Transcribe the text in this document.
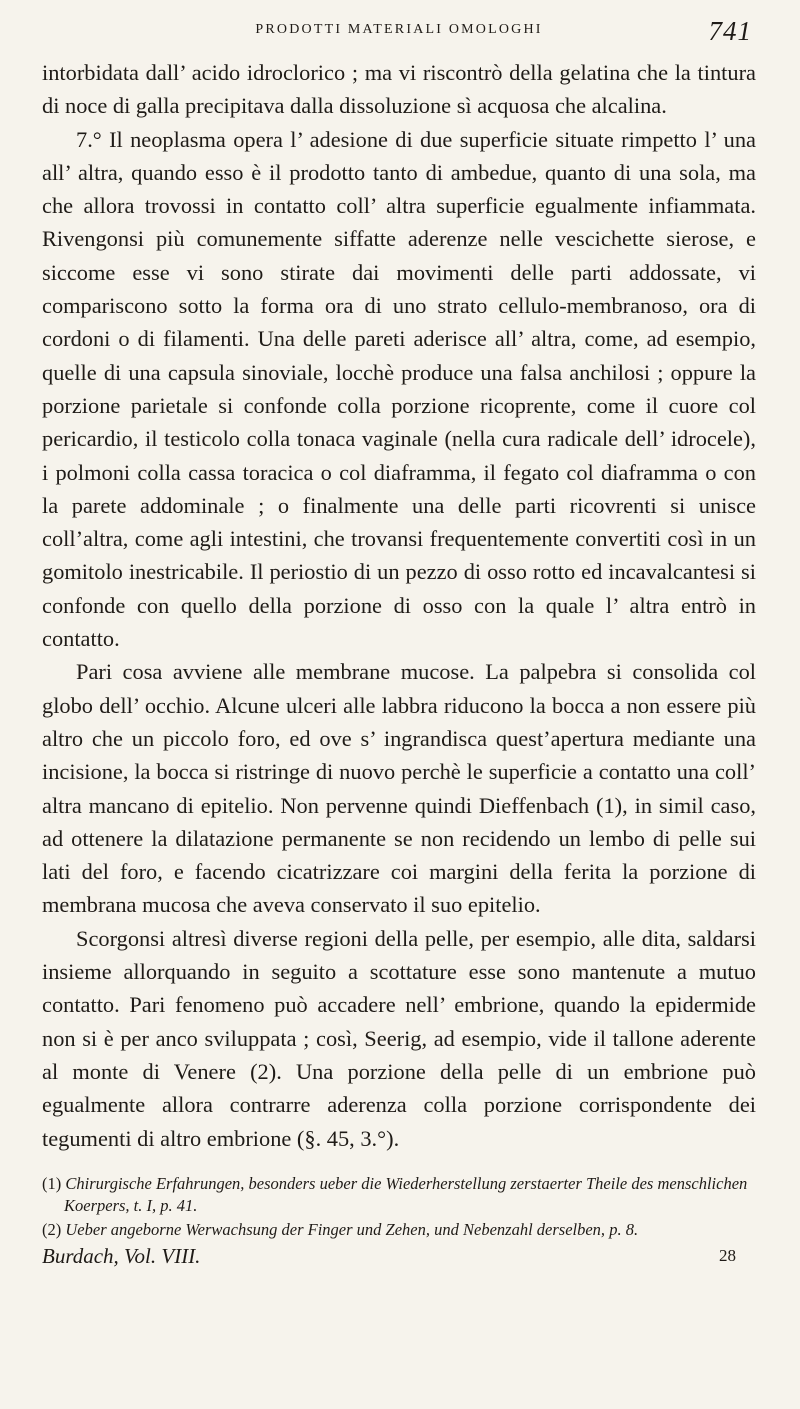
PRODOTTI MATERIALI OMOLOGHI	741

intorbidata dall’ acido idroclorico ; ma vi riscontrò della gelatina che la tintura di noce di galla precipitava dalla dissoluzione sì acquosa che alcalina.

7.° Il neoplasma opera l’ adesione di due superficie situate rimpetto l’ una all’ altra, quando esso è il prodotto tanto di ambedue, quanto di una sola, ma che allora trovossi in contatto coll’ altra superficie egualmente infiammata. Rivengonsi più comunemente siffatte aderenze nelle vescichette sierose, e siccome esse vi sono stirate dai movimenti delle parti addossate, vi compariscono sotto la forma ora di uno strato cellulo-membranoso, ora di cordoni o di filamenti. Una delle pareti aderisce all’ altra, come, ad esempio, quelle di una capsula sinoviale, locchè produce una falsa anchilosi ; oppure la porzione parietale si confonde colla porzione ricoprente, come il cuore col pericardio, il testicolo colla tonaca vaginale (nella cura radicale dell’ idrocele), i polmoni colla cassa toracica o col diaframma, il fegato col diaframma o con la parete addominale ; o finalmente una delle parti ricovrenti si unisce coll’altra, come agli intestini, che trovansi frequentemente convertiti così in un gomitolo inestricabile. Il periostio di un pezzo di osso rotto ed incavalcantesi si confonde con quello della porzione di osso con la quale l’ altra entrò in contatto.

Pari cosa avviene alle membrane mucose. La palpebra si consolida col globo dell’ occhio. Alcune ulceri alle labbra riducono la bocca a non essere più altro che un piccolo foro, ed ove s’ ingrandisca quest’apertura mediante una incisione, la bocca si ristringe di nuovo perchè le superficie a contatto una coll’ altra mancano di epitelio. Non pervenne quindi Dieffenbach (1), in simil caso, ad ottenere la dilatazione permanente se non recidendo un lembo di pelle sui lati del foro, e facendo cicatrizzare coi margini della ferita la porzione di membrana mucosa che aveva conservato il suo epitelio.

Scorgonsi altresì diverse regioni della pelle, per esempio, alle dita, saldarsi insieme allorquando in seguito a scottature esse sono mantenute a mutuo contatto. Pari fenomeno può accadere nell’ embrione, quando la epidermide non si è per anco sviluppata ; così, Seerig, ad esempio, vide il tallone aderente al monte di Venere (2). Una porzione della pelle di un embrione può egualmente allora contrarre aderenza colla porzione corrispondente dei tegumenti di altro embrione (§. 45, 3.°).

(1) Chirurgische Erfahrungen, besonders ueber die Wiederherstellung zerstaerter Theile des menschlichen Koerpers, t. I, p. 41.

(2) Ueber angeborne Werwachsung der Finger und Zehen, und Nebenzahl derselben, p. 8.

Burdach, Vol. VIII.	28
